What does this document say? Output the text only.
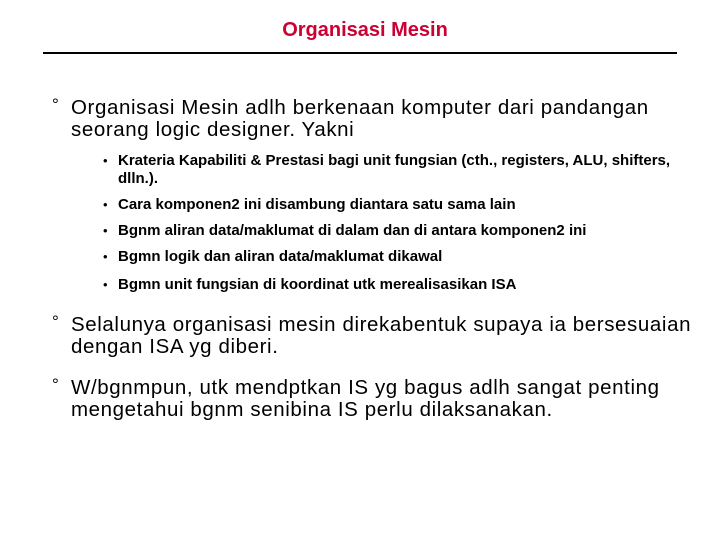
Organisasi Mesin
° Organisasi Mesin adlh berkenaan komputer dari pandangan seorang logic designer. Yakni
• Krateria Kapabiliti & Prestasi bagi unit fungsian (cth., registers, ALU, shifters, dlln.).
• Cara komponen2 ini disambung diantara satu sama lain
• Bgnm aliran data/maklumat di dalam dan di antara komponen2 ini
• Bgmn logik dan aliran data/maklumat dikawal
• Bgmn unit fungsian di koordinat utk merealisasikan ISA
° Selalunya organisasi mesin direkabentuk supaya ia bersesuaian dengan ISA yg diberi.
° W/bgnmpun, utk mendptkan IS yg bagus adlh sangat penting mengetahui bgnm senibina IS perlu dilaksanakan.
